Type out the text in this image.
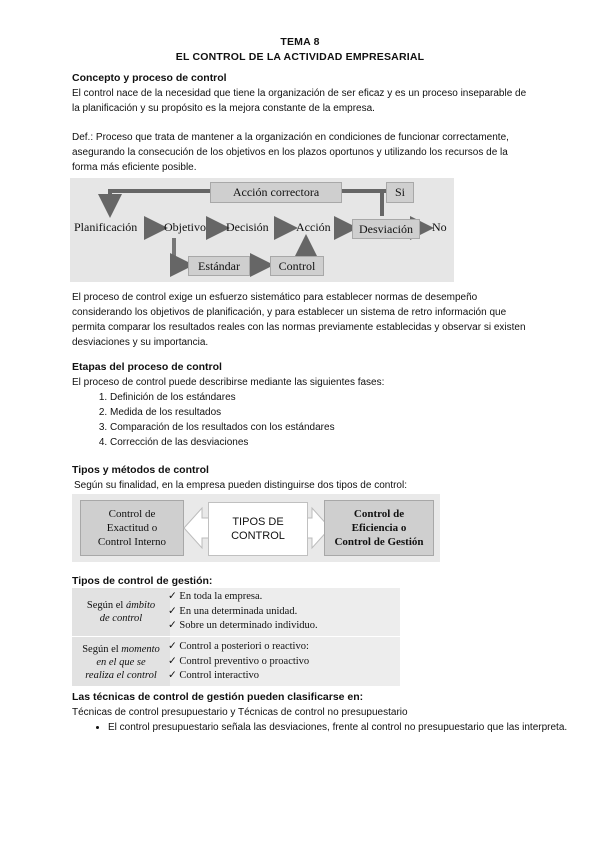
TEMA 8
EL CONTROL DE LA ACTIVIDAD EMPRESARIAL
Concepto y proceso de control
El control nace de la necesidad que tiene la organización de ser eficaz y es un proceso inseparable de la planificación y su propósito es la mejora constante de la empresa.
Def.: Proceso que trata de mantener a la organización en condiciones de funcionar correctamente, asegurando la consecución de los objetivos en los plazos oportunos y utilizando los recursos de la forma más eficiente posible.
Acción correctora	Si
Planificación Objetivo Decisión Acción	Desviación	No
Estándar	Control
El proceso de control exige un esfuerzo sistemático para establecer normas de desempeño considerando los objetivos de planificación, y para establecer un sistema de retro información que permita comparar los resultados reales con las normas previamente establecidas y observar si existen desviaciones y su importancia.
Etapas del proceso de control
El proceso de control puede describirse mediante las siguientes fases:
1. Definición de los estándares
2. Medida de los resultados
3. Comparación de los resultados con los estándares
4. Corrección de las desviaciones
Tipos y métodos de control
Según su finalidad, en la empresa pueden distinguirse dos tipos de control:
Control de
Exactitud o
Control Interno
TIPOS DE
CONTROL
Control de
Eficiencia o
Control de Gestión
Tipos de control de gestión:
Según el ámbito
de control
✓ En toda la empresa.
✓ En una determinada unidad.
✓ Sobre un determinado individuo.
Según el momento
en el que se
realiza el control
✓ Control a posteriori o reactivo:
✓ Control preventivo o proactivo
✓ Control interactivo
Las técnicas de control de gestión pueden clasificarse en:
Técnicas de control presupuestario y Técnicas de control no presupuestario
• El control presupuestario señala las desviaciones, frente al control no presupuestario que las interpreta.
